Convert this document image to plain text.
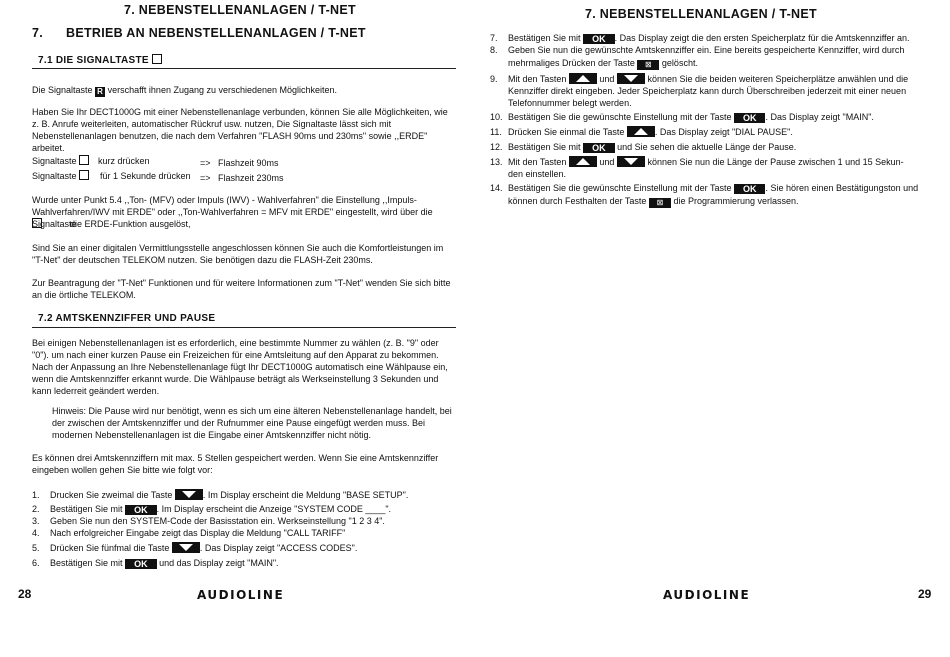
7. NEBENSTELLENANLAGEN / T-NET
7. BETRIEB AN NEBENSTELLENANLAGEN / T-NET
7.1 DIE SIGNALTASTE
Die Signaltaste R verschafft ihnen Zugang zu verschiedenen Möglichkeiten.
Haben Sie Ihr DECT1000G mit einer Nebenstellenanlage verbunden, können Sie alle Möglichkeiten, wie z. B. Anrufe weiterleiten, automatischer Rückruf usw. nutzen, Die Signaltaste lässt sich mit Nebenstellenanlagen benutzen, die nach dem Verfahren "FLASH 90ms und 230ms" sowie ,,ERDE" arbeitet.
Signaltaste	kurz drücken	=> Flashzeit 90ms
Signaltaste	für 1 Sekunde drücken => Flashzeit 230ms
Wurde unter Punkt 5.4 ,,Ton- (MFV) oder Impuls (IWV) - Wahlverfahren" die Einstellung ,,Impuls-Wahlverfahren/IWV mit ERDE" oder ,,Ton-Wahlverfahren = MFV mit ERDE" eingestellt, wird über die Signaltaste
die ERDE-Funktion ausgelöst,
Sind Sie an einer digitalen Vermittlungsstelle angeschlossen können Sie auch die Komfortleistungen im "T-Net" der deutschen TELEKOM nutzen. Sie benötigen dazu die FLASH-Zeit 230ms.
Zur Beantragung der "T-Net" Funktionen und für weitere Informationen zum "T-Net" wenden Sie sich bitte an die örtliche TELEKOM.
7.2 AMTSKENNZIFFER UND PAUSE
Bei einigen Nebenstellenanlagen ist es erforderlich, eine bestimmte Nummer zu wählen (z. B. "9" oder "0"). um nach einer kurzen Pause ein Freizeichen für eine Amtsleitung auf den Apparat zu bekommen. Nach der Anpassung an Ihre Nebenstellenanlage fügt Ihr DECT1000G automatisch eine Wählpause ein, wenn die Amtskennziffer erkannt wurde. Die Wählpause beträgt als Werkseinstellung 3 Sekunden und kann lederreit geändert werden.
Hinweis: Die Pause wird nur benötigt, wenn es sich um eine älteren Nebenstellenanlage handelt, bei der zwischen der Amtskennziffer und der Rufnummer eine Pause eingefügt werden muss. Bei modernen Nebenstellenanlagen ist die Eingabe einer Amtskennziffer nicht nötig.
Es können drei Amtskennziffern mit max. 5 Stellen gespeichert werden. Wenn Sie eine Amtskennziffer eingeben wollen gehen Sie bitte wie folgt vor:
1. Drucken Sie zweimal die Taste	. Im Display erscheint die Meldung "BASE SETUP".
2. Bestätigen Sie mit OK . Im Display erscheint die Anzeige "SYSTEM CODE ____".
3. Geben Sie nun den SYSTEM-Code der Basisstation ein. Werkseinstellung "1 2 3 4".
4. Nach erfolgreicher Eingabe zeigt das Display die Meldung "CALL TARIFF"
5. Drücken Sie fünfmal die Taste	. Das Display zeigt "ACCESS CODES".
6. Bestätigen Sie mit OK und das Display zeigt "MAIN".
28	AUDIOLINE
7. NEBENSTELLENANLAGEN / T-NET
7. Bestätigen Sie mit OK . Das Display zeigt die den ersten Speicherplatz für die Amtskennziffer an.
8. Geben Sie nun die gewünschte Amtskennziffer ein. Eine bereits gespeicherte Kennziffer, wird durch
mehrmaliges Drücken der Taste ⊠ gelöscht.
9. Mit den Tasten	und	können Sie die beiden weiteren Speicherplätze anwählen und die
Kennziffer direkt eingeben. Jeder Speicherplatz kann durch Überschreiben jederzeit mit einer neuen
Telefonnummer belegt werden.
10. Bestätigen Sie die gewünschte Einstellung mit der Taste OK . Das Display zeigt "MAIN".
11. Drücken Sie einmal die Taste	. Das Display zeigt "DIAL PAUSE".
12. Bestätigen Sie mit OK und Sie sehen die aktuelle Länge der Pause.
13. Mit den Tasten	und	können Sie nun die Länge der Pause zwischen 1 und 15 Sekun-
den einstellen.
14. Bestätigen Sie die gewünschte Einstellung mit der Taste OK . Sie hören einen Bestätigungston und
können durch Festhalten der Taste ⊠ die Programmierung verlassen.
AUDIOLINE	29
